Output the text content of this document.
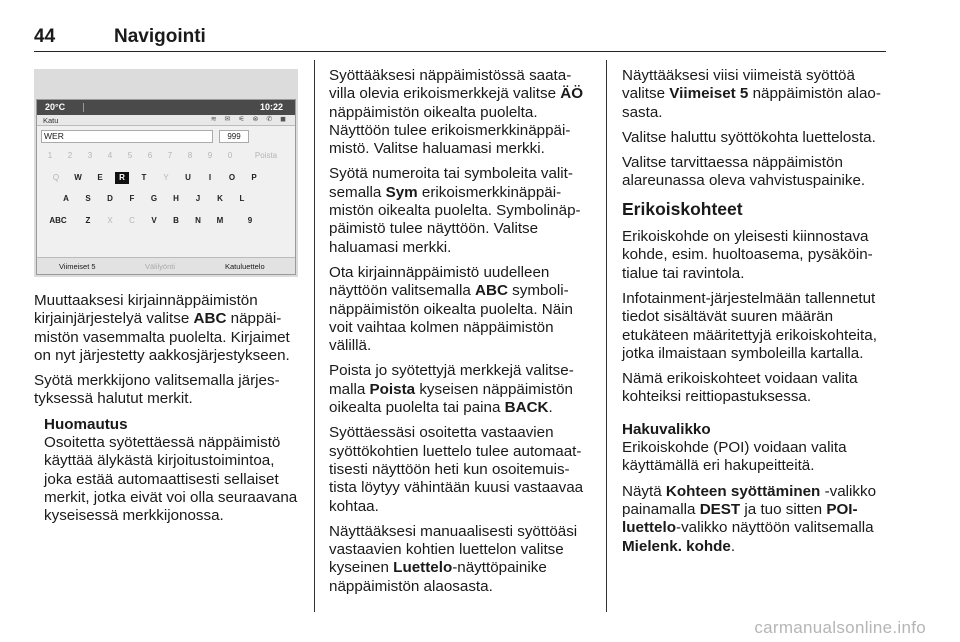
44	Navigointi
20°C	10:22
Katu	≋ ✉ ⚟ ⊗ ✆ ◼
WER	999
1	2	3	4	5	6	7	8	9	0	Poista
Q	W	E	R	T	Y	U	I	O	P
A	S	D	F	G	H	J	K	L
ABC	Z	X	C	V	B	N	M	9
Viimeiset 5	Välilyönti	Katuluettelo

Muuttaaksesi kirjainnäppäimistön kirjainjärjestelyä valitse ABC näppäimistön vasemmalta puolelta. Kirjaimet on nyt järjestetty aakkosjärjestykseen.

Syötä merkkijono valitsemalla järjestyksessä halutut merkit.

Huomautus
Osoitetta syötettäessä näppäimistö käyttää älykästä kirjoitustoimintoa, joka estää automaattisesti sellaiset merkit, jotka eivät voi olla seuraavana kyseisessä merkkijonossa.

Syöttääksesi näppäimistössä saatavilla olevia erikoismerkkejä valitse ÄÖ näppäimistön oikealta puolelta. Näyttöön tulee erikoismerkkinäppäimistö. Valitse haluamasi merkki.

Syötä numeroita tai symboleita valitsemalla Sym erikoismerkkinäppäimistön oikealta puolelta. Symbolinäppäimistö tulee näyttöön. Valitse haluamasi merkki.

Ota kirjainnäppäimistö uudelleen näyttöön valitsemalla ABC symbolinäppäimistön oikealta puolelta. Näin voit vaihtaa kolmen näppäimistön välillä.

Poista jo syötettyjä merkkejä valitsemalla Poista kyseisen näppäimistön oikealta puolelta tai paina BACK.

Syöttäessäsi osoitetta vastaavien syöttökohtien luettelo tulee automaattisesti näyttöön heti kun osoitemuistista löytyy vähintään kuusi vastaavaa kohtaa.

Näyttääksesi manuaalisesti syöttöäsi vastaavien kohtien luettelon valitse kyseinen Luettelo-näyttöpainike näppäimistön alaosasta.

Näyttääksesi viisi viimeistä syöttöä valitse Viimeiset 5 näppäimistön alaosasta.

Valitse haluttu syöttökohta luettelosta.

Valitse tarvittaessa näppäimistön alareunassa oleva vahvistuspainike.

Erikoiskohteet

Erikoiskohde on yleisesti kiinnostava kohde, esim. huoltoasema, pysäköintialue tai ravintola.

Infotainment-järjestelmään tallennetut tiedot sisältävät suuren määrän etukäteen määritettyjä erikoiskohteita, jotka ilmaistaan symboleilla kartalla.

Nämä erikoiskohteet voidaan valita kohteiksi reittiopastuksessa.

Hakuvalikko

Erikoiskohde (POI) voidaan valita käyttämällä eri hakupeitteitä.

Näytä Kohteen syöttäminen -valikko painamalla DEST ja tuo sitten POI-luettelo-valikko näyttöön valitsemalla Mielenk. kohde.

carmanualsonline.info
